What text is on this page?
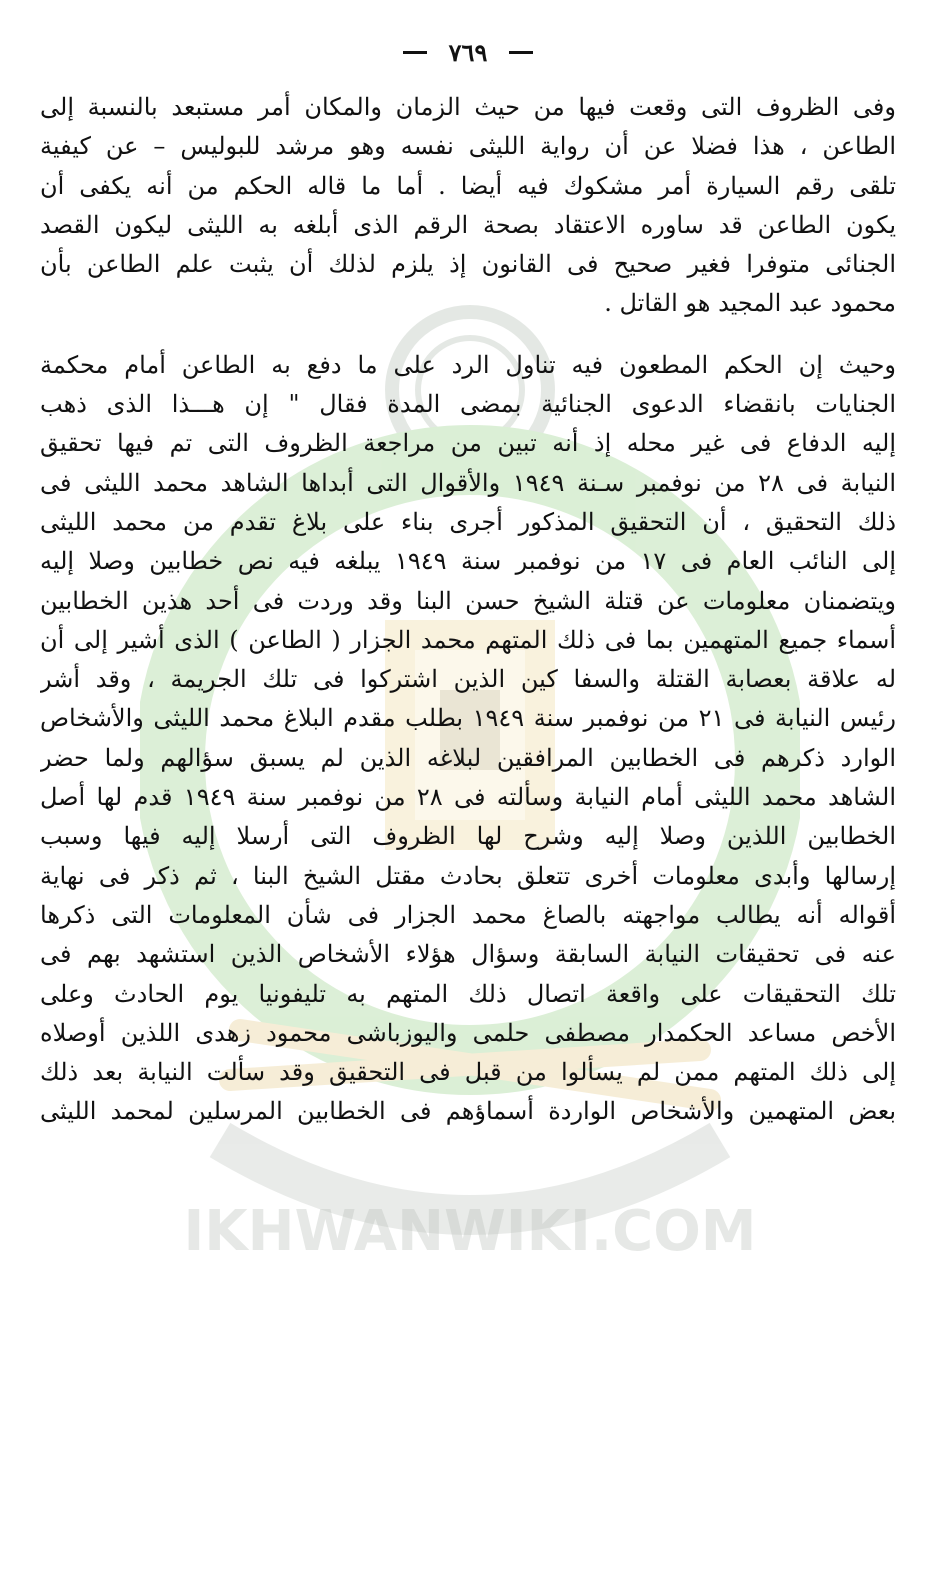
IKHWANWIKI.COM
٧٦٩

وفى الظروف التى وقعت فيها من حيث الزمان والمكان أمر مستبعد بالنسبة إلى
الطاعن ، هذا فضلا عن أن رواية الليثى نفسه وهو مرشد للبوليس – عن كيفية
تلقى رقم السيارة أمر مشكوك فيه أيضا . أما ما قاله الحكم من أنه يكفى أن
يكون الطاعن قد ساوره الاعتقاد بصحة الرقم الذى أبلغه به الليثى ليكون القصد
الجنائى متوفرا فغير صحيح فى القانون إذ يلزم لذلك أن يثبت علم الطاعن بأن
محمود عبد المجيد هو القاتل .

وحيث إن الحكم المطعون فيه تناول الرد على ما دفع به الطاعن أمام محكمة
الجنايات بانقضاء الدعوى الجنائية بمضى المدة فقال " إن هـــذا الذى ذهب
إليه الدفاع فى غير محله إذ أنه تبين من مراجعة الظروف التى تم فيها تحقيق
النيابة فى ٢٨ من نوفمبر سـنة ١٩٤٩ والأقوال التى أبداها الشاهد محمد الليثى فى
ذلك التحقيق ، أن التحقيق المذكور أجرى بناء على بلاغ تقدم من محمد الليثى
إلى النائب العام فى ١٧ من نوفمبر سنة ١٩٤٩ يبلغه فيه نص خطابين وصلا إليه
ويتضمنان معلومات عن قتلة الشيخ حسن البنا وقد وردت فى أحد هذين الخطابين
أسماء جميع المتهمين بما فى ذلك المتهم محمد الجزار ( الطاعن ) الذى أشير إلى أن
له علاقة بعصابة القتلة والسفا كين الذين اشتركوا فى تلك الجريمة ، وقد أشر
رئيس النيابة فى ٢١ من نوفمبر سنة ١٩٤٩ بطلب مقدم البلاغ محمد الليثى والأشخاص
الوارد ذكرهم فى الخطابين المرافقين لبلاغه الذين لم يسبق سؤالهم ولما حضر
الشاهد محمد الليثى أمام النيابة وسألته فى ٢٨ من نوفمبر سنة ١٩٤٩ قدم لها أصل
الخطابين اللذين وصلا إليه وشرح لها الظروف التى أرسلا إليه فيها وسبب
إرسالها وأبدى معلومات أخرى تتعلق بحادث مقتل الشيخ البنا ، ثم ذكر فى نهاية
أقواله أنه يطالب مواجهته بالصاغ محمد الجزار فى شأن المعلومات التى ذكرها
عنه فى تحقيقات النيابة السابقة وسؤال هؤلاء الأشخاص الذين استشهد بهم فى
تلك التحقيقات على واقعة اتصال ذلك المتهم به تليفونيا يوم الحادث وعلى
الأخص مساعد الحكمدار مصطفى حلمى واليوزباشى محمود زهدى اللذين أوصلاه
إلى ذلك المتهم ممن لم يسألوا من قبل فى التحقيق وقد سألت النيابة بعد ذلك
بعض المتهمين والأشخاص الواردة أسماؤهم فى الخطابين المرسلين لمحمد الليثى
